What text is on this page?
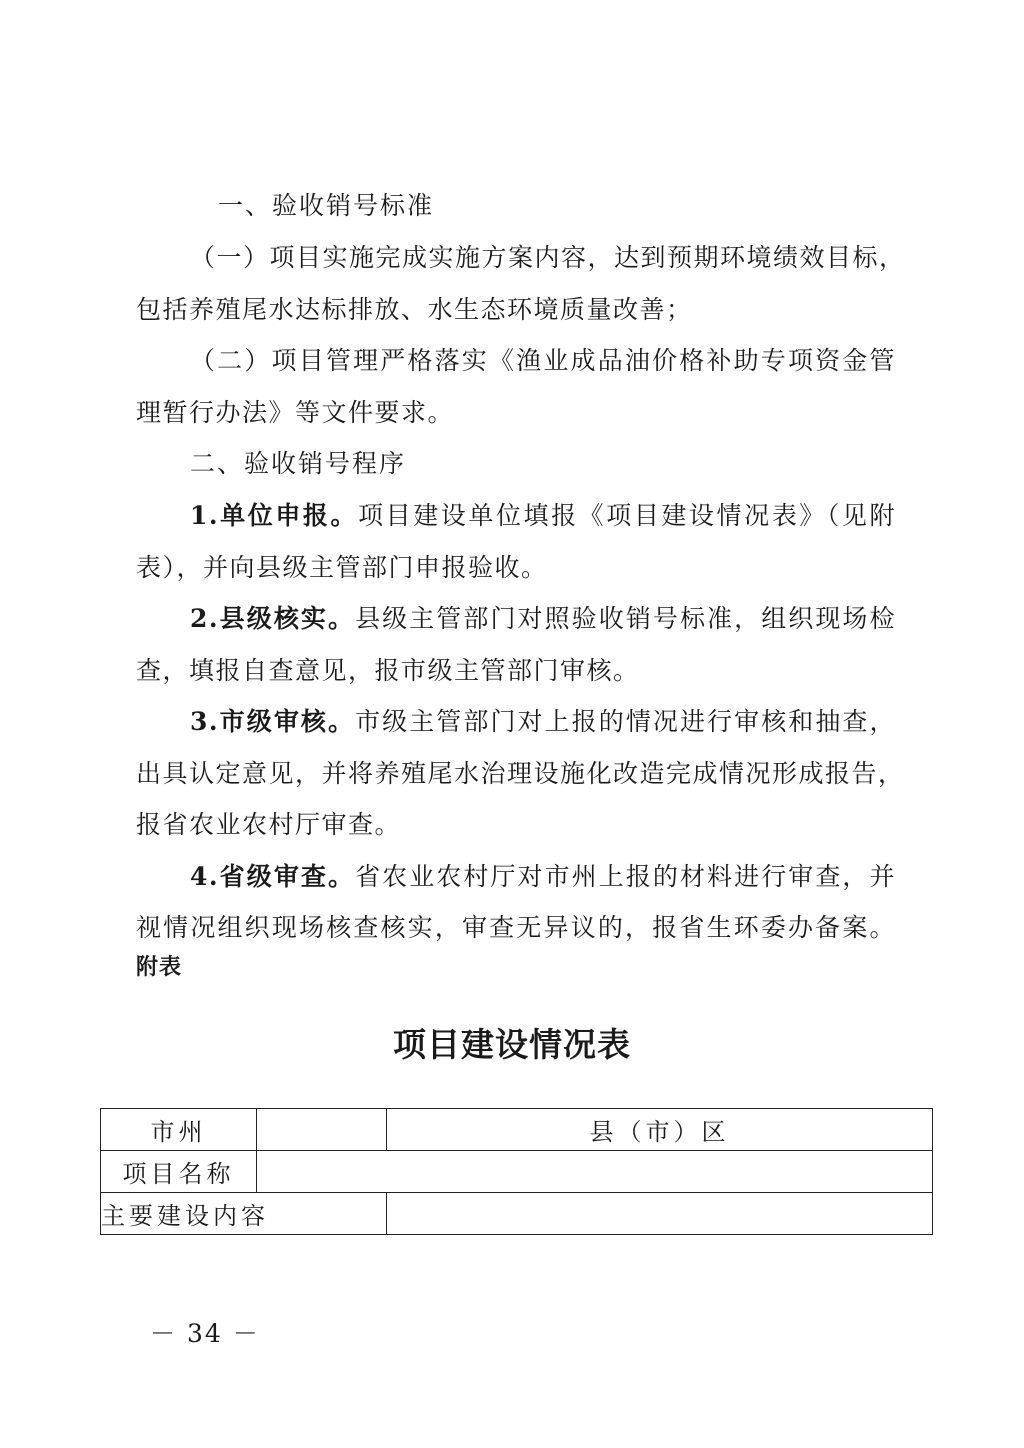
一、验收销号标准

（一）项目实施完成实施方案内容，达到预期环境绩效目标，

包括养殖尾水达标排放、水生态环境质量改善；

（二）项目管理严格落实《渔业成品油价格补助专项资金管

理暂行办法》等文件要求。

二、验收销号程序

1.单位申报。项目建设单位填报《项目建设情况表》（见附

表），并向县级主管部门申报验收。

2.县级核实。县级主管部门对照验收销号标准，组织现场检

查，填报自查意见，报市级主管部门审核。

3.市级审核。市级主管部门对上报的情况进行审核和抽查，

出具认定意见，并将养殖尾水治理设施化改造完成情况形成报告，

报省农业农村厅审查。

4.省级审查。省农业农村厅对市州上报的材料进行审查，并

视情况组织现场核查核实，审查无异议的，报省生环委办备案。

附表

项目建设情况表
市州		县（市）区
项目名称		
主要建设内容		

－ 34 －
